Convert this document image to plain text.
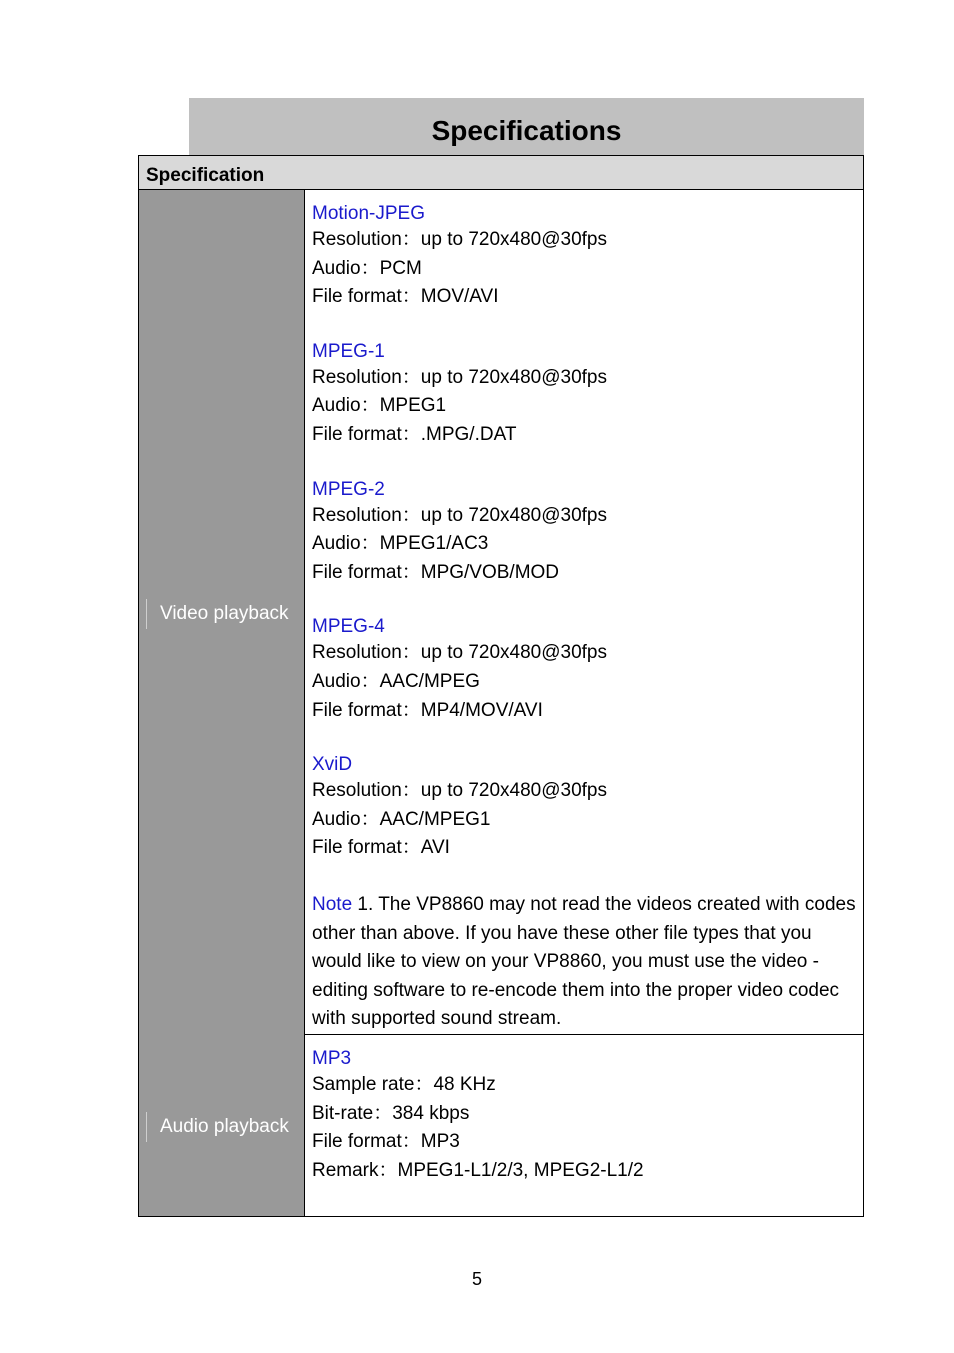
Specifications
Specification
Video playback
Audio playback
Motion-JPEG
Resolution：up to 720x480@30fps
Audio：PCM
File format：MOV/AVI
MPEG-1
Resolution：up to 720x480@30fps
Audio：MPEG1
File format：.MPG/.DAT
MPEG-2
Resolution：up to 720x480@30fps
Audio：MPEG1/AC3
File format：MPG/VOB/MOD
MPEG-4
Resolution：up to 720x480@30fps
Audio：AAC/MPEG
File format：MP4/MOV/AVI
XviD
Resolution：up to 720x480@30fps
Audio：AAC/MPEG1
File format：AVI
Note 1. The VP8860 may not read the videos created with codes other than above. If you have these other file types that you would like to view on your VP8860, you must use the video - editing software to re-encode them into the proper video codec with supported sound stream.
MP3
Sample rate：48 KHz
Bit-rate：384 kbps
File format：MP3
Remark：MPEG1-L1/2/3, MPEG2-L1/2
5
